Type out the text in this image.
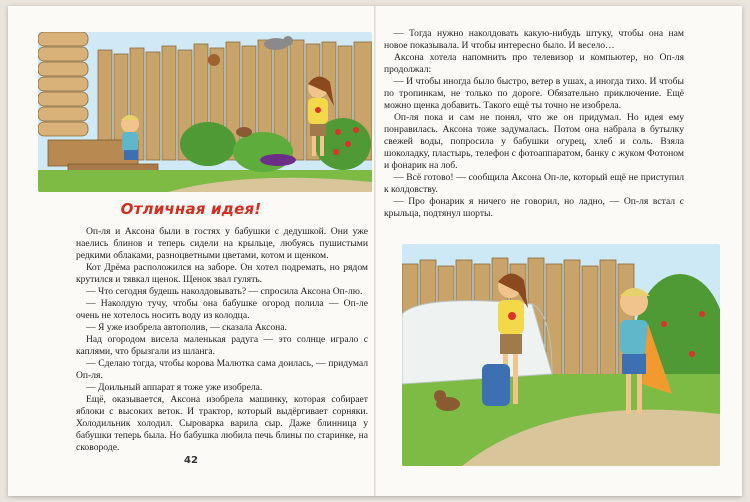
Отличная идея!

Оп-ля и Аксона были в гостях у бабушки с дедушкой. Они уже наелись блинов и теперь сидели на крыльце, любуясь пушистыми редкими облаками, разноцветными цветами, котом и щенком.

Кот Дрёма расположился на заборе. Он хотел подремать, но рядом крутился и тявкал щенок. Щенок звал гулять.

— Что сегодня будешь наколдовывать? — спросила Аксона Оп-лю.

— Наколдую тучу, чтобы она бабушке огород полила — Оп-ле очень не хотелось носить воду из колодца.

— Я уже изобрела автополив, — сказала Аксона.

Над огородом висела маленькая радуга — это солнце играло с каплями, что брызгали из шланга.

— Сделаю тогда, чтобы корова Малютка сама доилась, — придумал Оп-ля.

— Доильный аппарат я тоже уже изобрела.

Ещё, оказывается, Аксона изобрела машинку, которая собирает яблоки с высоких веток. И трактор, который выдёргивает сорняки. Холодильник холодил. Сыроварка варила сыр. Даже блинница у бабушки теперь была. Но бабушка любила печь блины по старинке, на сковороде.

42

— Тогда нужно наколдовать какую-нибудь штуку, чтобы она нам новое показывала. И чтобы интересно было. И весело…

Аксона хотела напомнить про телевизор и компьютер, но Оп-ля продолжал:

— И чтобы иногда было быстро, ветер в ушах, а иногда тихо. И чтобы по тропинкам, не только по дороге. Обязательно приключение. Ещё можно щенка добавить. Такого ещё ты точно не изобрела.

Оп-ля пока и сам не понял, что же он придумал. Но идея ему понравилась. Аксона тоже задумалась. Потом она набрала в бутылку свежей воды, попросила у бабушки огурец, хлеб и соль. Взяла шоколадку, пластырь, телефон с фотоаппаратом, банку с жуком Фотоном и фонарик на лоб.

— Всё готово! — сообщила Аксона Оп-ле, который ещё не приступил к колдовству.

— Про фонарик я ничего не говорил, но ладно, — Оп-ля встал с крыльца, подтянул шорты.
